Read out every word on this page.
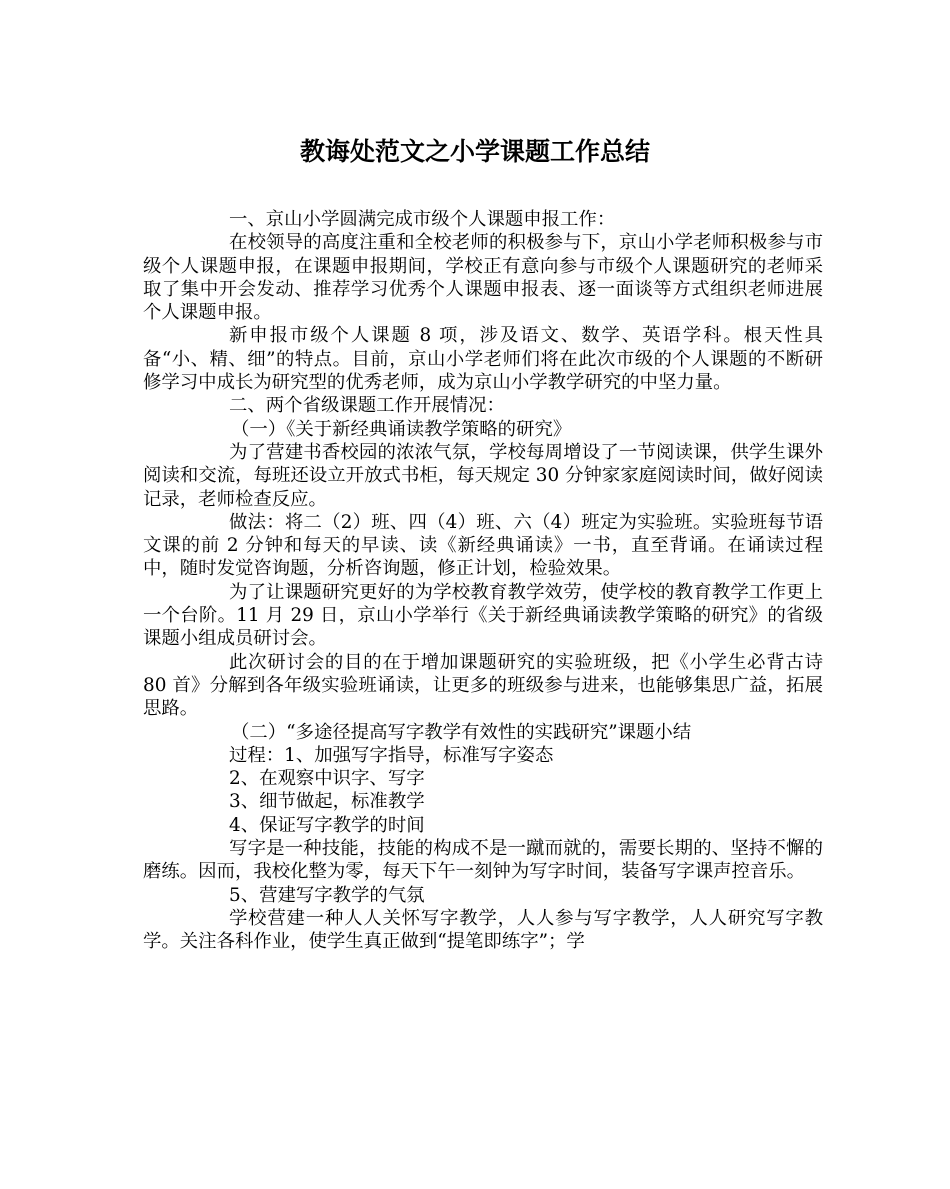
教诲处范文之小学课题工作总结

一、京山小学圆满完成市级个人课题申报工作：

在校领导的高度注重和全校老师的积极参与下，京山小学老师积极参与市级个人课题申报，在课题申报期间，学校正有意向参与市级个人课题研究的老师采取了集中开会发动、推荐学习优秀个人课题申报表、逐一面谈等方式组织老师进展个人课题申报。

新申报市级个人课题 8 项，涉及语文、数学、英语学科。根天性具备“小、精、细”的特点。目前，京山小学老师们将在此次市级的个人课题的不断研修学习中成长为研究型的优秀老师，成为京山小学教学研究的中坚力量。

二、两个省级课题工作开展情况：

（一）《关于新经典诵读教学策略的研究》

为了营建书香校园的浓浓气氛，学校每周增设了一节阅读课，供学生课外阅读和交流，每班还设立开放式书柜，每天规定 30 分钟家家庭阅读时间，做好阅读记录，老师检查反应。

做法：将二（2）班、四（4）班、六（4）班定为实验班。实验班每节语文课的前 2 分钟和每天的早读、读《新经典诵读》一书，直至背诵。在诵读过程中，随时发觉咨询题，分析咨询题，修正计划，检验效果。

为了让课题研究更好的为学校教育教学效劳，使学校的教育教学工作更上一个台阶。11 月 29 日，京山小学举行《关于新经典诵读教学策略的研究》的省级课题小组成员研讨会。

此次研讨会的目的在于增加课题研究的实验班级，把《小学生必背古诗 80 首》分解到各年级实验班诵读，让更多的班级参与进来，也能够集思广益，拓展思路。

（二）“多途径提高写字教学有效性的实践研究”课题小结

过程：1、加强写字指导，标准写字姿态

2、在观察中识字、写字

3、细节做起，标准教学

4、保证写字教学的时间

写字是一种技能，技能的构成不是一蹴而就的，需要长期的、坚持不懈的磨练。因而，我校化整为零，每天下午一刻钟为写字时间，装备写字课声控音乐。

5、营建写字教学的气氛

学校营建一种人人关怀写字教学，人人参与写字教学，人人研究写字教学。关注各科作业，使学生真正做到“提笔即练字”；学
